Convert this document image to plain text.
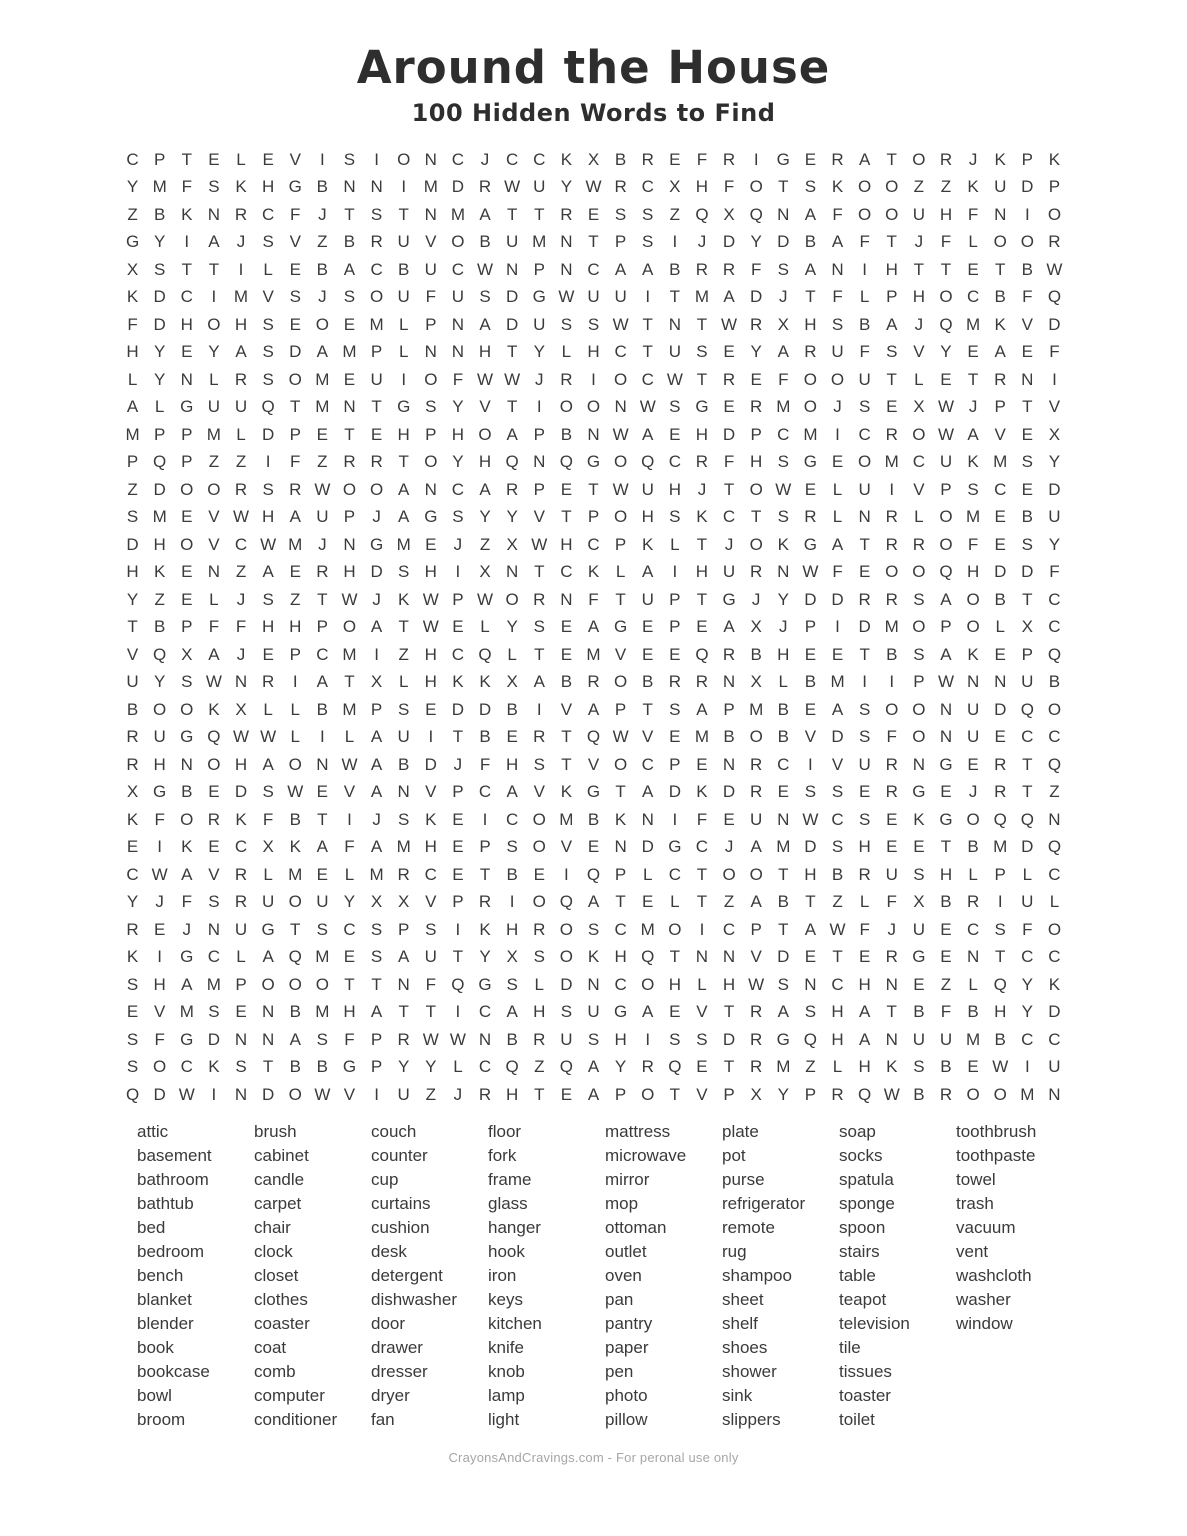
Around the House
100 Hidden Words to Find
C P T E L E V	I	S	I	O N C J C C K X B R E F R	I	G E R A T O R J	K P K
Y M F S K H G B N N	I	M D R W U Y W R C X H F O T S K O O Z Z K U D P
Z B K N R C F	J	T S T N M A T T R E S S Z Q X Q N A F O O U H F N	I	O
G Y	I	A	J	S V Z B R U V O B U M N T P S	I	J D Y D B A F T	J	F	L O O R
X S T T	I	L E B A C B U C W N P N C A A B R R F S A N	I	H T T E T B W
K D C	I	M V S	J	S O U F U S D G W U U	I	T M A D J	T F	L P H O C B F Q
F D H O H S E O E M L P N A D U S S W T N T W R X H S B A	J Q M K V D
H Y E Y A S D A M P L N N H T Y L H C T U S E Y A R U F S V Y E A E F
L Y N L R S O M E U	I	O F W W J R	I	O C W T R E F O O U T	L E T R N	I
A L G U U Q T M N T G S Y V T	I	O O N W S G E R M O J	S E X W J	P T V
M P P M L D P E T E H P H O A P B N W A E H D P C M	I	C R O W A V E X
P Q P Z Z	I	F Z R R T O Y H Q N Q G O Q C R F H S G E O M C U K M S Y
Z D O O R S R W O O A N C A R P E T W U H J	T O W E L U	I	V P S C E D
S M E V W H A U P	J	A G S Y Y V T P O H S K C T S R L N R L O M E B U
D H O V C W M J N G M E	J	Z X W H C P K L	T	J O K G A T R R O F E S Y
H K E N Z A E R H D S H	I	X N T C K L A	I	H U R N W F E O O Q H D D F
Y Z E L	J	S Z T W J	K W P W O R N F T U P T G J	Y D D R R S A O B T C
T B P F F H H P O A T W E L Y S E A G E P E A X	J	P	I	D M O P O L X C
V Q X A	J	E P C M	I	Z H C Q L	T E M V E E Q R B H E E T B S A K E P Q
U Y S W N R	I	A T X L H K K X A B R O B R R N X L B M	I	I	P W N N U B
B O O K X L	L B M P S E D D B	I	V A P T S A P M B E A S O O N U D Q O
R U G Q W W L	I	L A U	I	T B E R T Q W V E M B O B V D S F O N U E C C
R H N O H A O N W A B D J	F H S T V O C P E N R C	I	V U R N G E R T Q
X G B E D S W E V A N V P C A V K G T A D K D R E S S E R G E	J R T Z
K F O R K F B T	I	J	S K E	I	C O M B K N	I	F E U N W C S E K G O Q Q N
E	I	K E C X K A F A M H E P S O V E N D G C J	A M D S H E E T B M D Q
C W A V R L M E L M R C E T B E	I	Q P L C T O O T H B R U S H L P L C
Y	J	F S R U O U Y X X V P R	I	O Q A T E L	T Z A B T Z	L	F X B R	I	U L
R E	J N U G T S C S P S	I	K H R O S C M O	I	C P T A W F	J U E C S F O
K	I	G C L A Q M E S A U T Y X S O K H Q T N N V D E T E R G E N T C C
S H A M P O O O T T N F Q G S L D N C O H L H W S N C H N E Z	L Q Y K
E V M S E N B M H A T T	I	C A H S U G A E V T R A S H A T B F B H Y D
S F G D N N A S F P R W W N B R U S H	I	S S D R G Q H A N U U M B C C
S O C K S T B B G P Y Y L C Q Z Q A Y R Q E T R M Z	L H K S B E W I	U
Q D W I	N D O W V	I	U Z	J R H T E A P O T V P X Y P R Q W B R O O M N
attic
basement
bathroom
bathtub
bed
bedroom
bench
blanket
blender
book
bookcase
bowl
broom
brush
cabinet
candle
carpet
chair
clock
closet
clothes
coaster
coat
comb
computer
conditioner
couch
counter
cup
curtains
cushion
desk
detergent
dishwasher
door
drawer
dresser
dryer
fan
floor
fork
frame
glass
hanger
hook
iron
keys
kitchen
knife
knob
lamp
light
mattress
microwave
mirror
mop
ottoman
outlet
oven
pan
pantry
paper
pen
photo
pillow
plate
pot
purse
refrigerator
remote
rug
shampoo
sheet
shelf
shoes
shower
sink
slippers
soap
socks
spatula
sponge
spoon
stairs
table
teapot
television
tile
tissues
toaster
toilet
toothbrush
toothpaste
towel
trash
vacuum
vent
washcloth
washer
window
CrayonsAndCravings.com - For peronal use only
